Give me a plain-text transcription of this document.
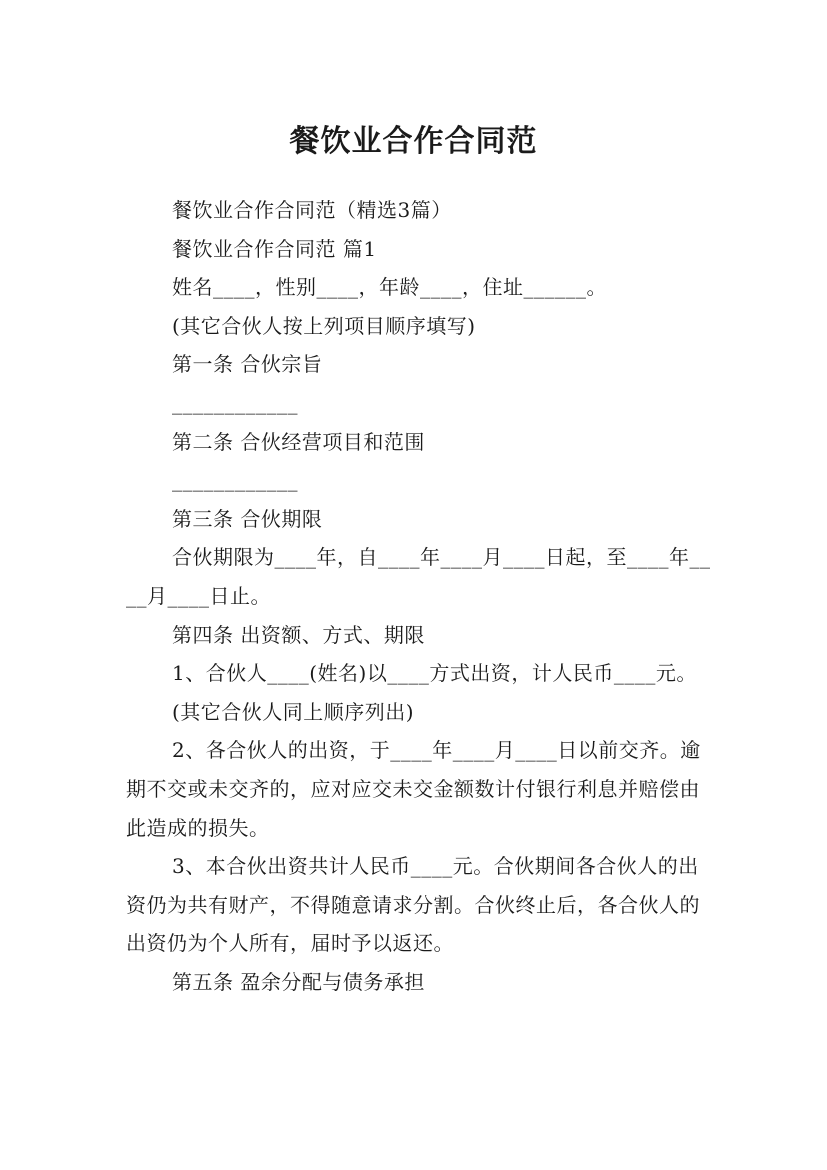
餐饮业合作合同范

餐饮业合作合同范（精选3篇）

餐饮业合作合同范 篇1

姓名____，性别____，年龄____，住址______。

(其它合伙人按上列项目顺序填写)

第一条 合伙宗旨

____________

第二条 合伙经营项目和范围

____________

第三条 合伙期限

合伙期限为____年，自____年____月____日起，至____年____月____日止。

第四条 出资额、方式、期限

1、合伙人____(姓名)以____方式出资，计人民币____元。

(其它合伙人同上顺序列出)

2、各合伙人的出资，于____年____月____日以前交齐。逾期不交或未交齐的，应对应交未交金额数计付银行利息并赔偿由此造成的损失。

3、本合伙出资共计人民币____元。合伙期间各合伙人的出资仍为共有财产，不得随意请求分割。合伙终止后，各合伙人的出资仍为个人所有，届时予以返还。

第五条 盈余分配与债务承担
